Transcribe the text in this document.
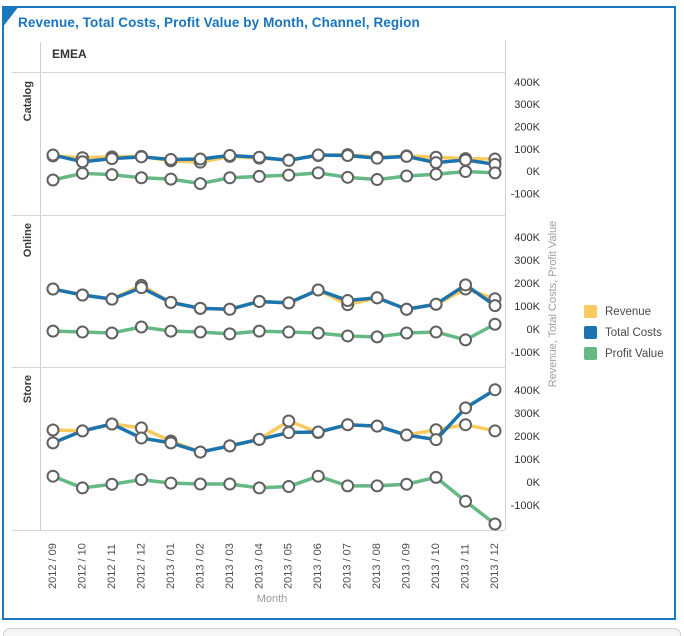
Revenue, Total Costs, Profit Value by Month, Channel, Region
EMEA
Catalog	400K
300K
200K
100K
0K
-100K
Online	400K
300K
200K
100K
0K
-100K
Store	400K
300K
200K
100K
0K
-100K
2012 / 09 2012 / 10 2012 / 11 2012 / 12 2013 / 01 2013 / 02 2013 / 03 2013 / 04 2013 / 05 2013 / 06 2013 / 07 2013 / 08 2013 / 09 2013 / 10 2013 / 11 2013 / 12
Revenue
Total Costs
Profit Value
Month
Revenue, Total Costs, Profit Value
